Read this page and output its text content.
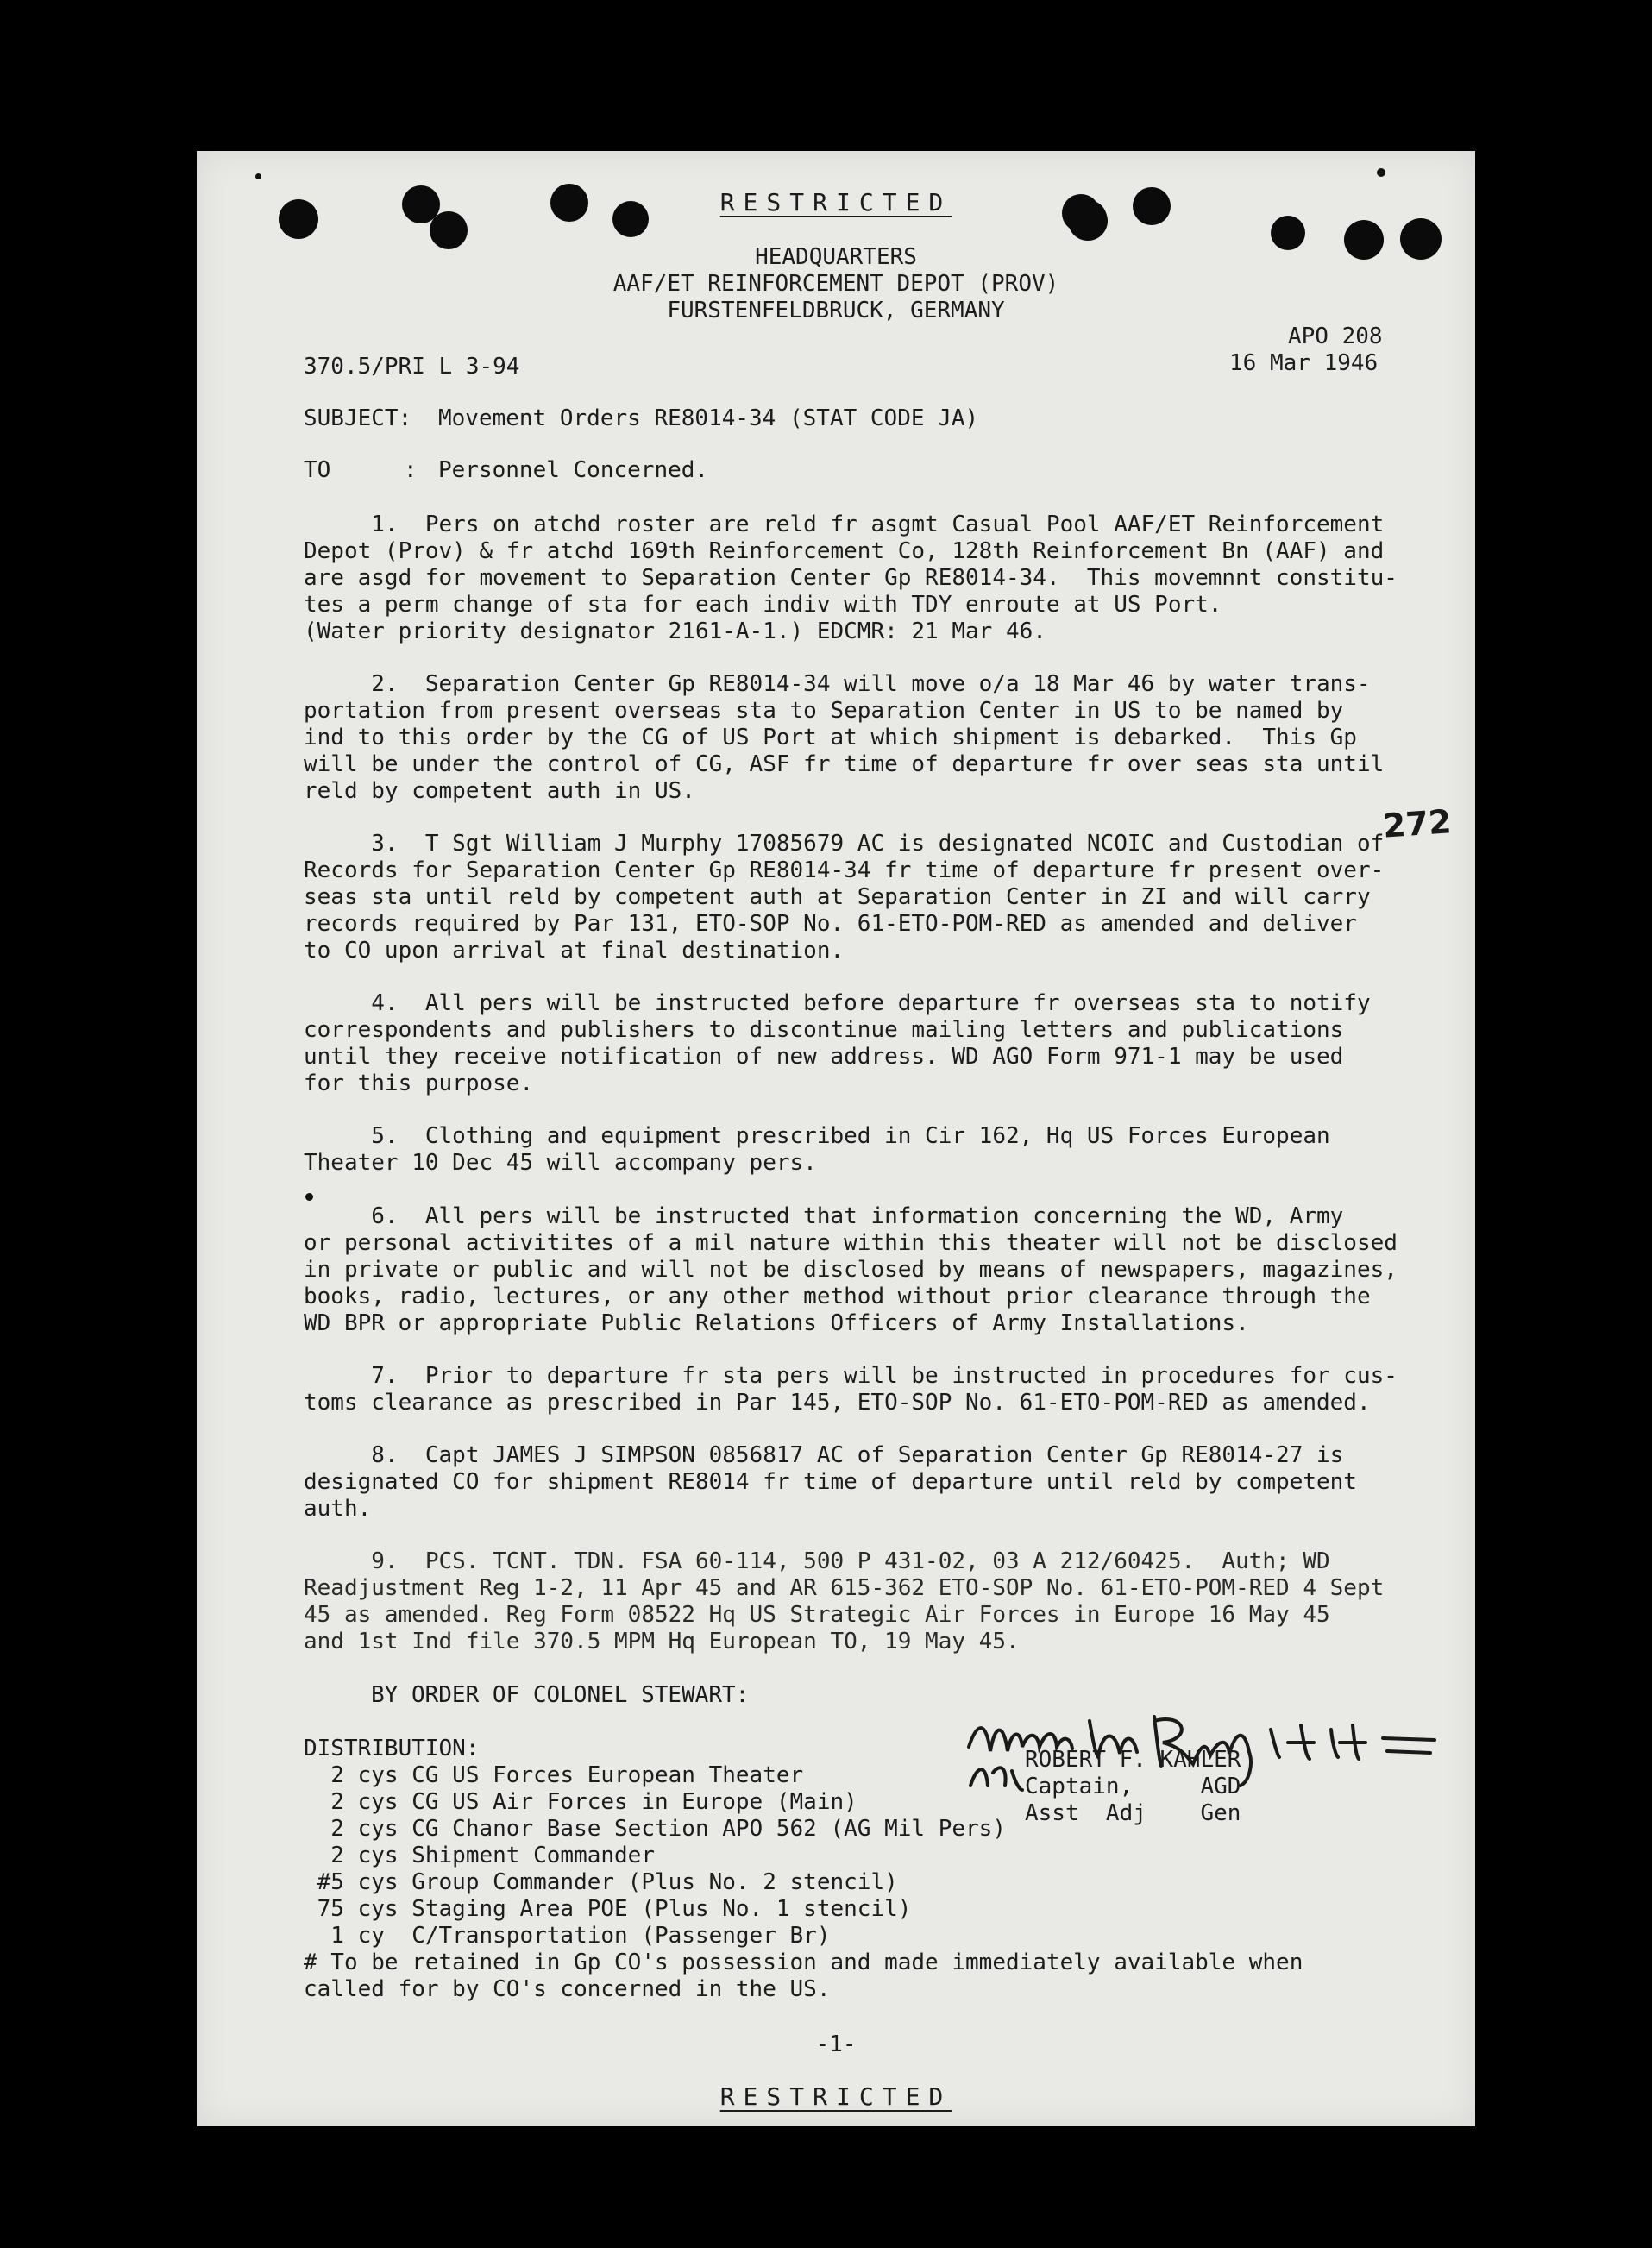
RESTRICTED
HEADQUARTERS
AAF/ET REINFORCEMENT DEPOT (PROV)
FURSTENFELDBRUCK, GERMANY
APO 208
16 Mar 1946
370.5/PRI L 3-94
SUBJECT: Movement Orders RE8014-34 (STAT CODE JA)
TO	: Personnel Concerned.
1.  Pers on atchd roster are reld fr asgmt Casual Pool AAF/ET Reinforcement
Depot (Prov) & fr atchd 169th Reinforcement Co, 128th Reinforcement Bn (AAF) and
are asgd for movement to Separation Center Gp RE8014-34.  This movemnnt constitu-
tes a perm change of sta for each indiv with TDY enroute at US Port.
(Water priority designator 2161-A-1.) EDCMR: 21 Mar 46.
2.  Separation Center Gp RE8014-34 will move o/a 18 Mar 46 by water trans-
portation from present overseas sta to Separation Center in US to be named by
ind to this order by the CG of US Port at which shipment is debarked.  This Gp
will be under the control of CG, ASF fr time of departure fr over seas sta until
reld by competent auth in US.
3.  T Sgt William J Murphy 17085679 AC is designated NCOIC and Custodian of
Records for Separation Center Gp RE8014-34 fr time of departure fr present over-
seas sta until reld by competent auth at Separation Center in ZI and will carry
records required by Par 131, ETO-SOP No. 61-ETO-POM-RED as amended and deliver
to CO upon arrival at final destination.
272
4.  All pers will be instructed before departure fr overseas sta to notify
correspondents and publishers to discontinue mailing letters and publications
until they receive notification of new address. WD AGO Form 971-1 may be used
for this purpose.
5.  Clothing and equipment prescribed in Cir 162, Hq US Forces European
Theater 10 Dec 45 will accompany pers.
6.  All pers will be instructed that information concerning the WD, Army
or personal activitites of a mil nature within this theater will not be disclosed
in private or public and will not be disclosed by means of newspapers, magazines,
books, radio, lectures, or any other method without prior clearance through the
WD BPR or appropriate Public Relations Officers of Army Installations.
7.  Prior to departure fr sta pers will be instructed in procedures for cus-
toms clearance as prescribed in Par 145, ETO-SOP No. 61-ETO-POM-RED as amended.
8.  Capt JAMES J SIMPSON 0856817 AC of Separation Center Gp RE8014-27 is
designated CO for shipment RE8014 fr time of departure until reld by competent
auth.
9.  PCS. TCNT. TDN. FSA 60-114, 500 P 431-02, 03 A 212/60425.  Auth; WD
Readjustment Reg 1-2, 11 Apr 45 and AR 615-362 ETO-SOP No. 61-ETO-POM-RED 4 Sept
45 as amended. Reg Form 08522 Hq US Strategic Air Forces in Europe 16 May 45
and 1st Ind file 370.5 MPM Hq European TO, 19 May 45.
BY ORDER OF COLONEL STEWART:
ROBERT F. KAHLER
Captain,     AGD
Asst  Adj    Gen
DISTRIBUTION:
2 cys CG US Forces European Theater
2 cys CG US Air Forces in Europe (Main)
2 cys CG Chanor Base Section APO 562 (AG Mil Pers)
2 cys Shipment Commander
#5 cys Group Commander (Plus No. 2 stencil)
75 cys Staging Area POE (Plus No. 1 stencil)
1 cy  C/Transportation (Passenger Br)
# To be retained in Gp CO's possession and made immediately available when
called for by CO's concerned in the US.
-1-
RESTRICTED
